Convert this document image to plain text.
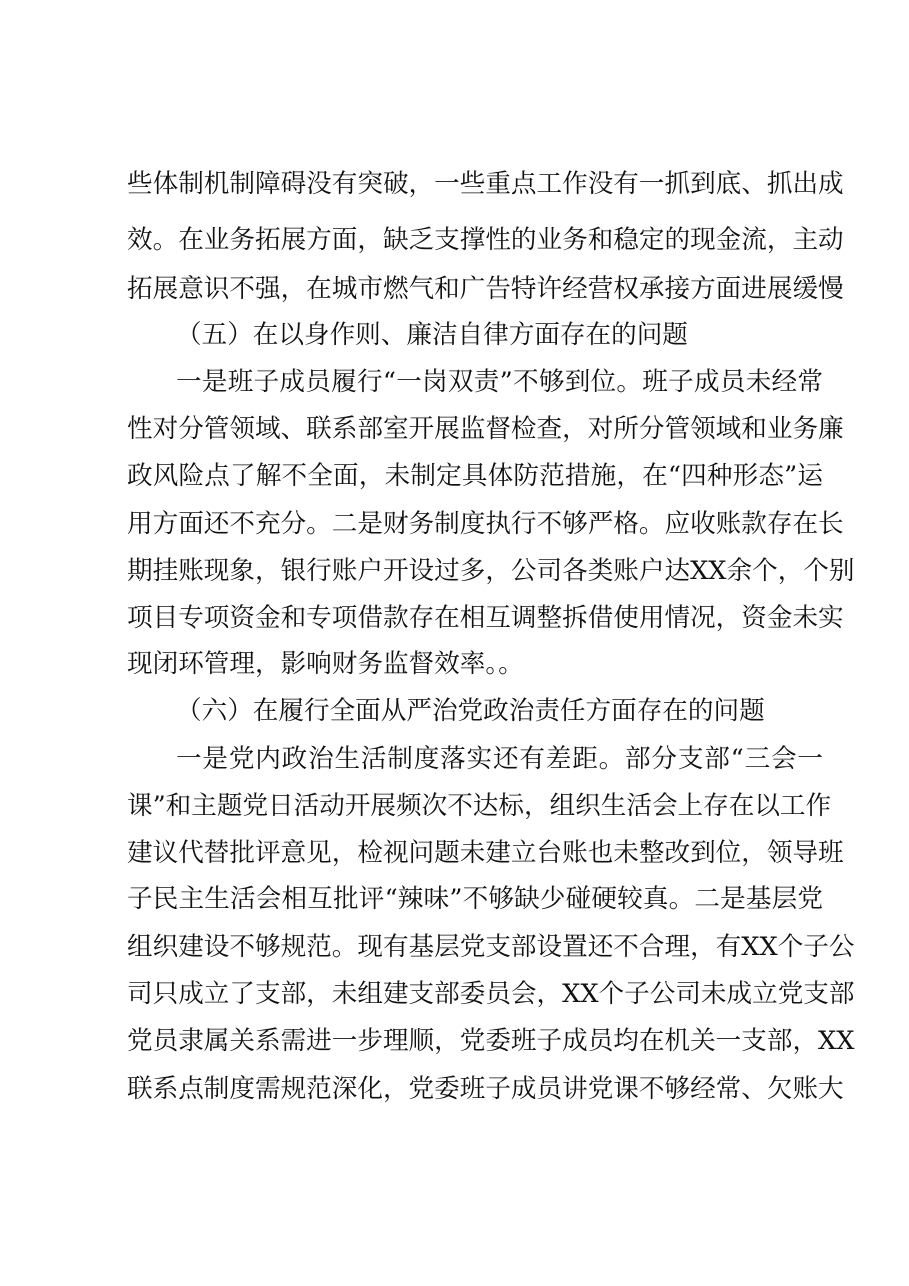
些体制机制障碍没有突破，一些重点工作没有一抓到底、抓出成
效。在业务拓展方面，缺乏支撑性的业务和稳定的现金流，主动
拓展意识不强，在城市燃气和广告特许经营权承接方面进展缓慢
（五）在以身作则、廉洁自律方面存在的问题
一是班子成员履行“一岗双责”不够到位。班子成员未经常
性对分管领域、联系部室开展监督检查，对所分管领域和业务廉
政风险点了解不全面，未制定具体防范措施，在“四种形态”运
用方面还不充分。二是财务制度执行不够严格。应收账款存在长
期挂账现象，银行账户开设过多，公司各类账户达XX余个，个别
项目专项资金和专项借款存在相互调整拆借使用情况，资金未实
现闭环管理，影响财务监督效率。。
（六）在履行全面从严治党政治责任方面存在的问题
一是党内政治生活制度落实还有差距。部分支部“三会一
课”和主题党日活动开展频次不达标，组织生活会上存在以工作
建议代替批评意见，检视问题未建立台账也未整改到位，领导班
子民主生活会相互批评“辣味”不够缺少碰硬较真。二是基层党
组织建设不够规范。现有基层党支部设置还不合理，有XX个子公
司只成立了支部，未组建支部委员会，XX个子公司未成立党支部
党员隶属关系需进一步理顺，党委班子成员均在机关一支部，XX
联系点制度需规范深化，党委班子成员讲党课不够经常、欠账大
